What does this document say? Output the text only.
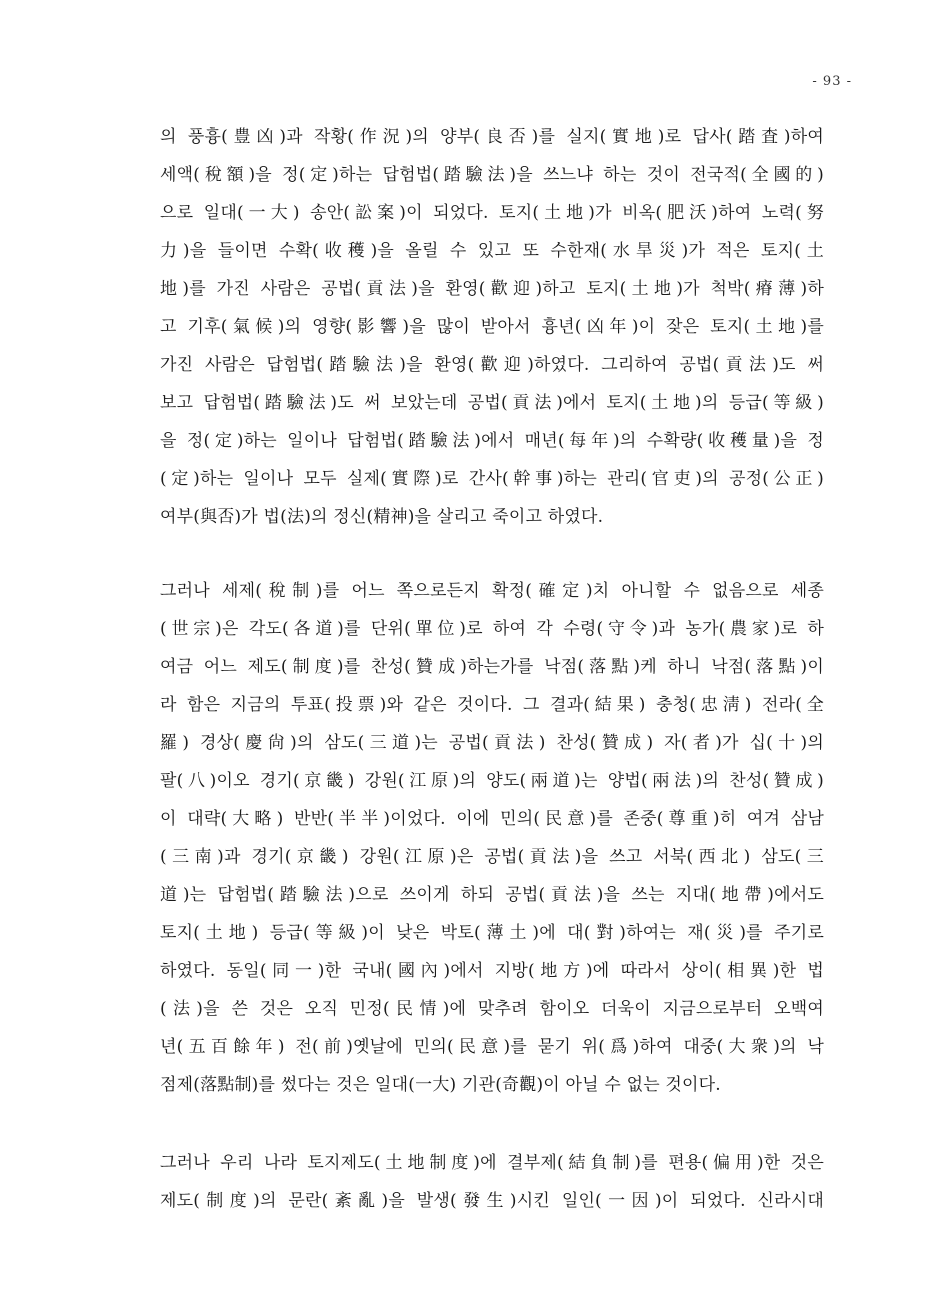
- 93 -
의 풍흉(豊凶)과 작황(作況)의 양부(良否)를 실지(實地)로 답사(踏査)하여
세액(稅額)을 정(定)하는 답험법(踏驗法)을 쓰느냐 하는 것이 전국적(全國的)
으로 일대(一大) 송안(訟案)이 되었다. 토지(土地)가 비옥(肥沃)하여 노력(努
力)을 들이면 수확(收穫)을 올릴 수 있고 또 수한재(水旱災)가 적은 토지(土
地)를 가진 사람은 공법(貢法)을 환영(歡迎)하고 토지(土地)가 척박(瘠薄)하
고 기후(氣候)의 영향(影響)을 많이 받아서 흉년(凶年)이 잦은 토지(土地)를
가진 사람은 답험법(踏驗法)을 환영(歡迎)하였다. 그리하여 공법(貢法)도 써
보고 답험법(踏驗法)도 써 보았는데 공법(貢法)에서 토지(土地)의 등급(等級)
을 정(定)하는 일이나 답험법(踏驗法)에서 매년(每年)의 수확량(收穫量)을 정
(定)하는 일이나 모두 실제(實際)로 간사(幹事)하는 관리(官吏)의 공정(公正)
여부(與否)가 법(法)의 정신(精神)을 살리고 죽이고 하였다.
그러나 세제(稅制)를 어느 쪽으로든지 확정(確定)치 아니할 수 없음으로 세종
(世宗)은 각도(各道)를 단위(單位)로 하여 각 수령(守令)과 농가(農家)로 하
여금 어느 제도(制度)를 찬성(贊成)하는가를 낙점(落點)케 하니 낙점(落點)이
라 함은 지금의 투표(投票)와 같은 것이다. 그 결과(結果) 충청(忠淸) 전라(全
羅) 경상(慶尙)의 삼도(三道)는 공법(貢法) 찬성(贊成) 자(者)가 십(十)의
팔(八)이오 경기(京畿) 강원(江原)의 양도(兩道)는 양법(兩法)의 찬성(贊成)
이 대략(大略) 반반(半半)이었다. 이에 민의(民意)를 존중(尊重)히 여겨 삼남
(三南)과 경기(京畿) 강원(江原)은 공법(貢法)을 쓰고 서북(西北) 삼도(三
道)는 답험법(踏驗法)으로 쓰이게 하되 공법(貢法)을 쓰는 지대(地帶)에서도
토지(土地) 등급(等級)이 낮은 박토(薄土)에 대(對)하여는 재(災)를 주기로
하였다. 동일(同一)한 국내(國內)에서 지방(地方)에 따라서 상이(相異)한 법
(法)을 쓴 것은 오직 민정(民情)에 맞추려 함이오 더욱이 지금으로부터 오백여
년(五百餘年) 전(前)옛날에 민의(民意)를 묻기 위(爲)하여 대중(大衆)의 낙
점제(落點制)를 썼다는 것은 일대(一大) 기관(奇觀)이 아닐 수 없는 것이다.
그러나 우리 나라 토지제도(土地制度)에 결부제(結負制)를 편용(偏用)한 것은
제도(制度)의 문란(紊亂)을 발생(發生)시킨 일인(一因)이 되었다. 신라시대
